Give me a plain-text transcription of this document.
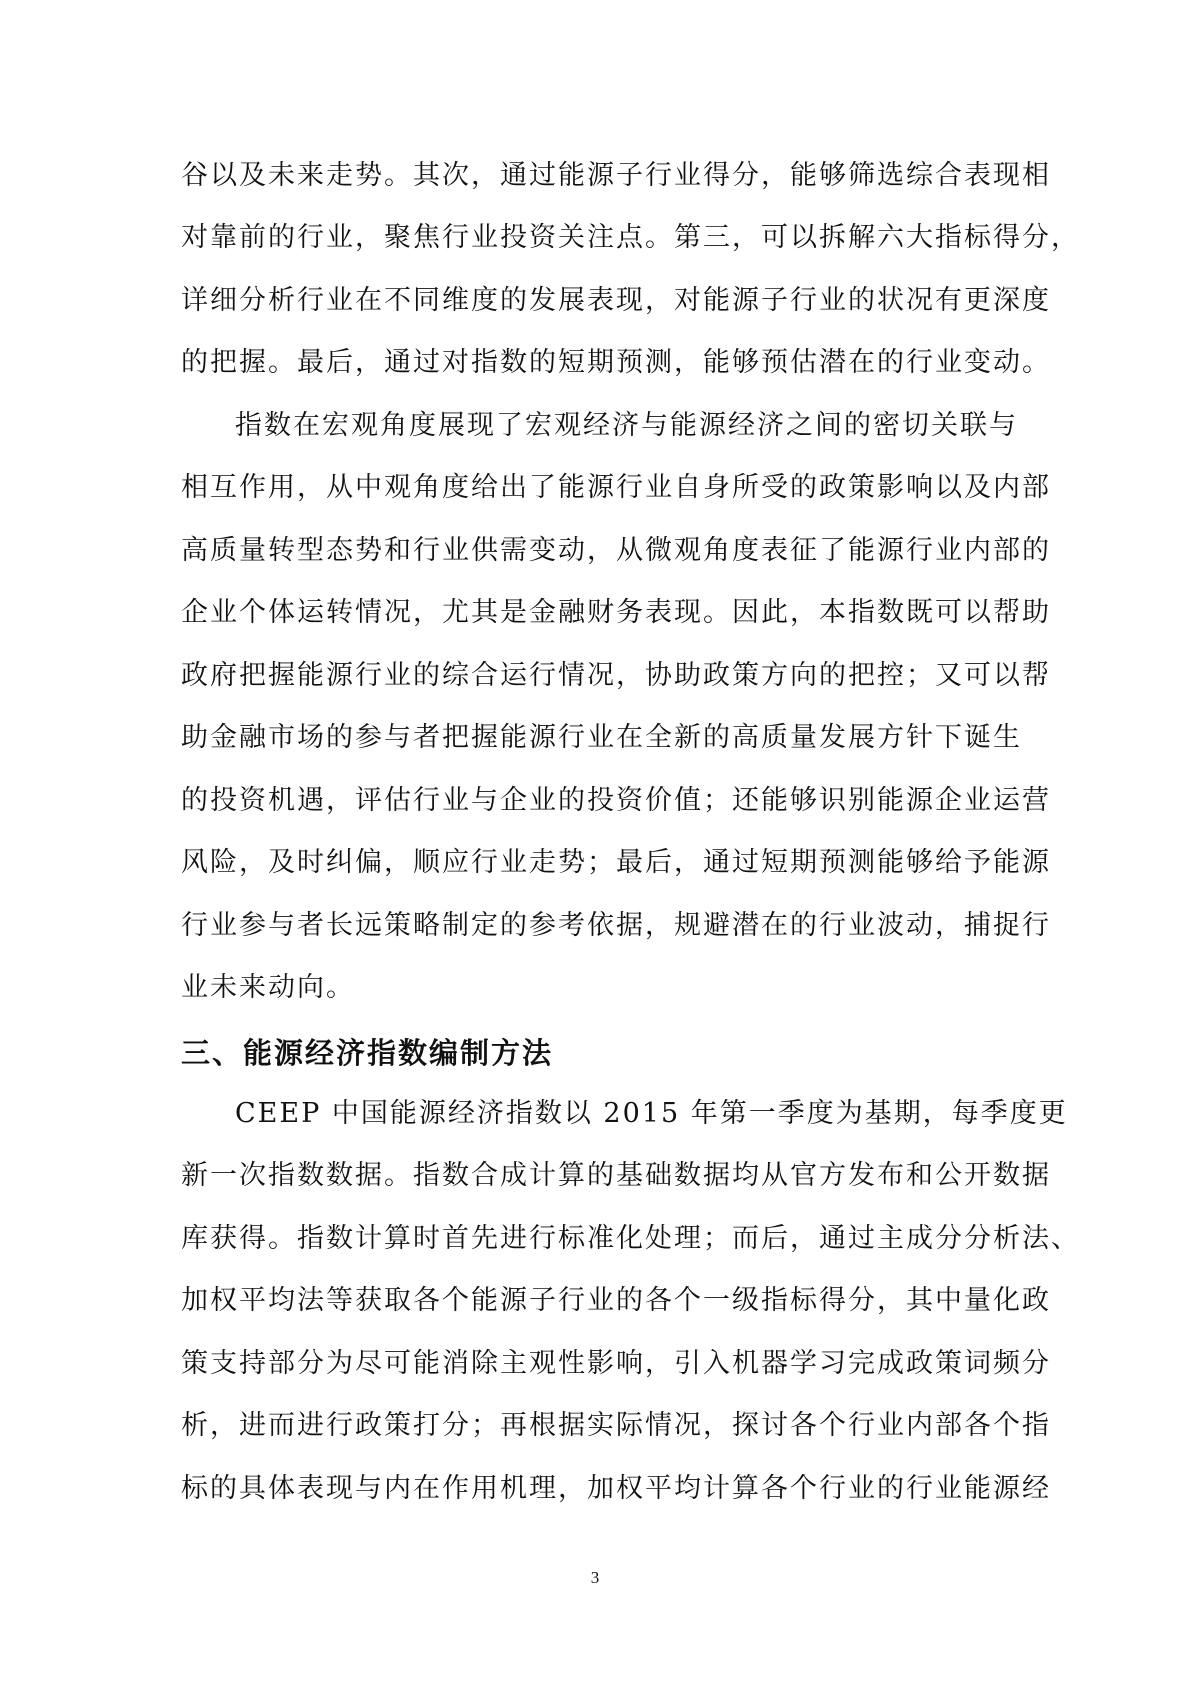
谷以及未来走势。其次，通过能源子行业得分，能够筛选综合表现相
对靠前的行业，聚焦行业投资关注点。第三，可以拆解六大指标得分，
详细分析行业在不同维度的发展表现，对能源子行业的状况有更深度
的把握。最后，通过对指数的短期预测，能够预估潜在的行业变动。
指数在宏观角度展现了宏观经济与能源经济之间的密切关联与
相互作用，从中观角度给出了能源行业自身所受的政策影响以及内部
高质量转型态势和行业供需变动，从微观角度表征了能源行业内部的
企业个体运转情况，尤其是金融财务表现。因此，本指数既可以帮助
政府把握能源行业的综合运行情况，协助政策方向的把控；又可以帮
助金融市场的参与者把握能源行业在全新的高质量发展方针下诞生
的投资机遇，评估行业与企业的投资价值；还能够识别能源企业运营
风险，及时纠偏，顺应行业走势；最后，通过短期预测能够给予能源
行业参与者长远策略制定的参考依据，规避潜在的行业波动，捕捉行
业未来动向。
三、能源经济指数编制方法
CEEP 中国能源经济指数以 2015 年第一季度为基期，每季度更
新一次指数数据。指数合成计算的基础数据均从官方发布和公开数据
库获得。指数计算时首先进行标准化处理；而后，通过主成分分析法、
加权平均法等获取各个能源子行业的各个一级指标得分，其中量化政
策支持部分为尽可能消除主观性影响，引入机器学习完成政策词频分
析，进而进行政策打分；再根据实际情况，探讨各个行业内部各个指
标的具体表现与内在作用机理，加权平均计算各个行业的行业能源经
3
